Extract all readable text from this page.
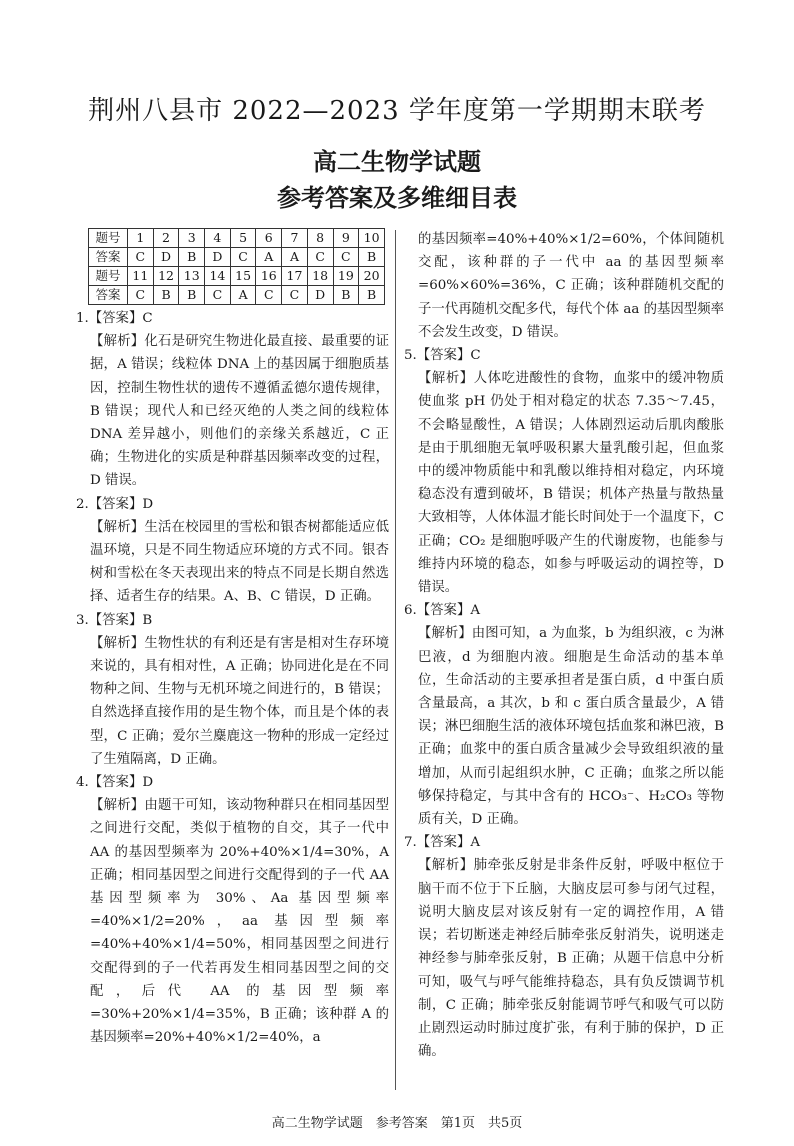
荆州八县市 2022—2023 学年度第一学期期末联考
高二生物学试题
参考答案及多维细目表
题号	1	2	3	4	5	6	7	8	9	10
答案	C	D	B	D	C	A	A	C	C	B
题号	11	12	13	14	15	16	17	18	19	20
答案	C	B	B	C	A	C	C	D	B	B

1.【答案】C

【解析】化石是研究生物进化最直接、最重要的证据，A 错误；线粒体 DNA 上的基因属于细胞质基因，控制生物性状的遗传不遵循孟德尔遗传规律，B 错误；现代人和已经灭绝的人类之间的线粒体 DNA 差异越小，则他们的亲缘关系越近，C 正确；生物进化的实质是种群基因频率改变的过程，D 错误。

2.【答案】D

【解析】生活在校园里的雪松和银杏树都能适应低温环境，只是不同生物适应环境的方式不同。银杏树和雪松在冬天表现出来的特点不同是长期自然选择、适者生存的结果。A、B、C 错误，D 正确。

3.【答案】B

【解析】生物性状的有利还是有害是相对生存环境来说的，具有相对性，A 正确；协同进化是在不同物种之间、生物与无机环境之间进行的，B 错误；自然选择直接作用的是生物个体，而且是个体的表型，C 正确；爱尔兰麋鹿这一物种的形成一定经过了生殖隔离，D 正确。

4.【答案】D

【解析】由题干可知，该动物种群只在相同基因型之间进行交配，类似于植物的自交，其子一代中 AA 的基因型频率为 20%+40%×1/4=30%，A 正确；相同基因型之间进行交配得到的子一代 AA 基因型频率为 30%、Aa 基因型频率=40%×1/2=20%，aa 基因型频率=40%+40%×1/4=50%，相同基因型之间进行交配得到的子一代若再发生相同基因型之间的交配，后代 AA 的基因型频率=30%+20%×1/4=35%，B 正确；该种群 A 的基因频率=20%+40%×1/2=40%，a

的基因频率=40%+40%×1/2=60%，个体间随机交配，该种群的子一代中 aa 的基因型频率=60%×60%=36%，C 正确；该种群随机交配的子一代再随机交配多代，每代个体 aa 的基因型频率不会发生改变，D 错误。

5.【答案】C

【解析】人体吃进酸性的食物，血浆中的缓冲物质使血浆 pH 仍处于相对稳定的状态 7.35～7.45，不会略显酸性，A 错误；人体剧烈运动后肌肉酸胀是由于肌细胞无氧呼吸积累大量乳酸引起，但血浆中的缓冲物质能中和乳酸以维持相对稳定，内环境稳态没有遭到破坏，B 错误；机体产热量与散热量大致相等，人体体温才能长时间处于一个温度下，C 正确；CO₂ 是细胞呼吸产生的代谢废物，也能参与维持内环境的稳态，如参与呼吸运动的调控等，D 错误。

6.【答案】A

【解析】由图可知，a 为血浆，b 为组织液，c 为淋巴液，d 为细胞内液。细胞是生命活动的基本单位，生命活动的主要承担者是蛋白质，d 中蛋白质含量最高，a 其次，b 和 c 蛋白质含量最少，A 错误；淋巴细胞生活的液体环境包括血浆和淋巴液，B 正确；血浆中的蛋白质含量减少会导致组织液的量增加，从而引起组织水肿，C 正确；血浆之所以能够保持稳定，与其中含有的 HCO₃⁻、H₂CO₃ 等物质有关，D 正确。

7.【答案】A

【解析】肺牵张反射是非条件反射，呼吸中枢位于脑干而不位于下丘脑，大脑皮层可参与闭气过程，说明大脑皮层对该反射有一定的调控作用，A 错误；若切断迷走神经后肺牵张反射消失，说明迷走神经参与肺牵张反射，B 正确；从题干信息中分析可知，吸气与呼气能维持稳态，具有负反馈调节机制，C 正确；肺牵张反射能调节呼气和吸气可以防止剧烈运动时肺过度扩张，有利于肺的保护，D 正确。

高二生物学试题　参考答案　第1页　共5页
